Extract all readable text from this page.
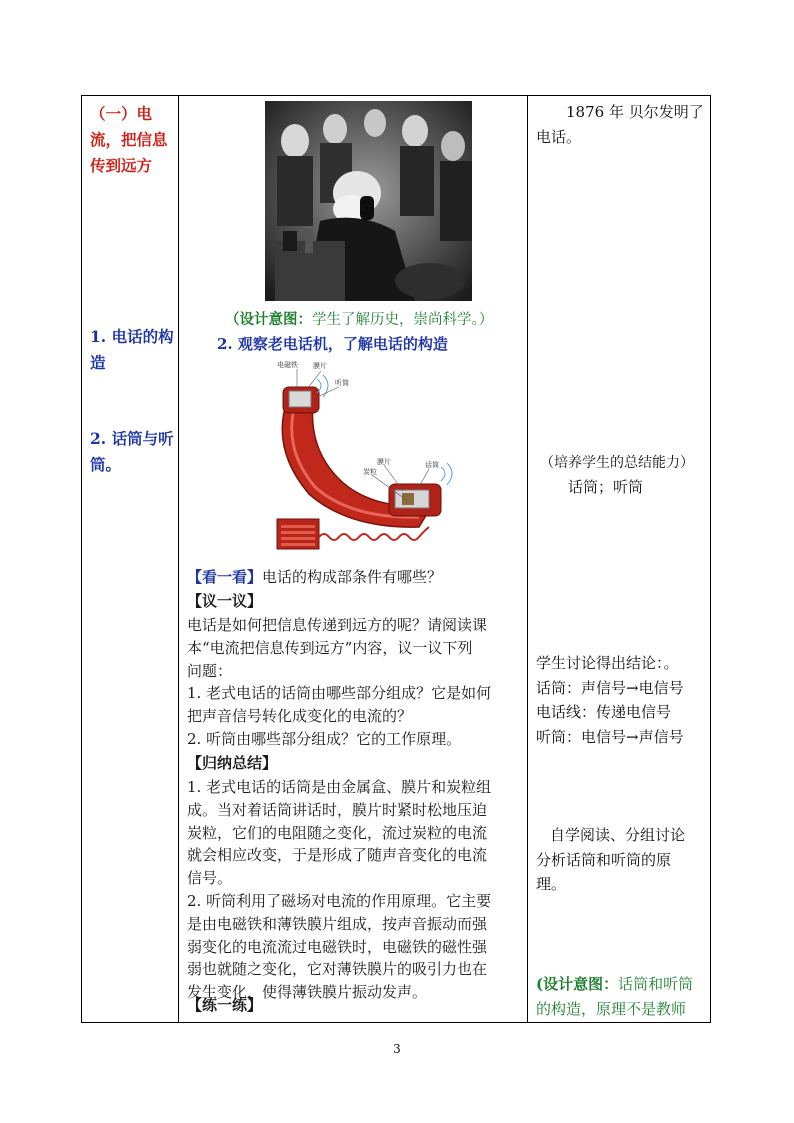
（一）电
流，把信息
传到远方
1. 电话的构
造
2. 话筒与听
筒。
（设计意图：学生了解历史，崇尚科学。）
2. 观察老电话机，了解电话的构造
电磁铁 膜片
听筒
膜片
炭粒
话筒
【看一看】电话的构成部条件有哪些？
【议一议】
电话是如何把信息传递到远方的呢？请阅读课
本“电流把信息传到远方”内容，议一议下列
问题：
1. 老式电话的话筒由哪些部分组成？它是如何
把声音信号转化成变化的电流的？
2. 听筒由哪些部分组成？它的工作原理。
【归纳总结】
1. 老式电话的话筒是由金属盒、膜片和炭粒组
成。当对着话筒讲话时，膜片时紧时松地压迫
炭粒，它们的电阻随之变化，流过炭粒的电流
就会相应改变，于是形成了随声音变化的电流
信号。
2. 听筒利用了磁场对电流的作用原理。它主要
是由电磁铁和薄铁膜片组成，按声音振动而强
弱变化的电流流过电磁铁时，电磁铁的磁性强
弱也就随之变化，它对薄铁膜片的吸引力也在
发生变化，使得薄铁膜片振动发声。
【练一练】
1876 年 贝尔发明了
电话。
（培养学生的总结能力）
话筒；听筒
学生讨论得出结论：。
话筒：声信号→电信号
电话线：传递电信号
听筒：电信号→声信号
自学阅读、分组讨论
分析话筒和听筒的原
理。
(设计意图：话筒和听筒
的构造，原理不是教师
3
